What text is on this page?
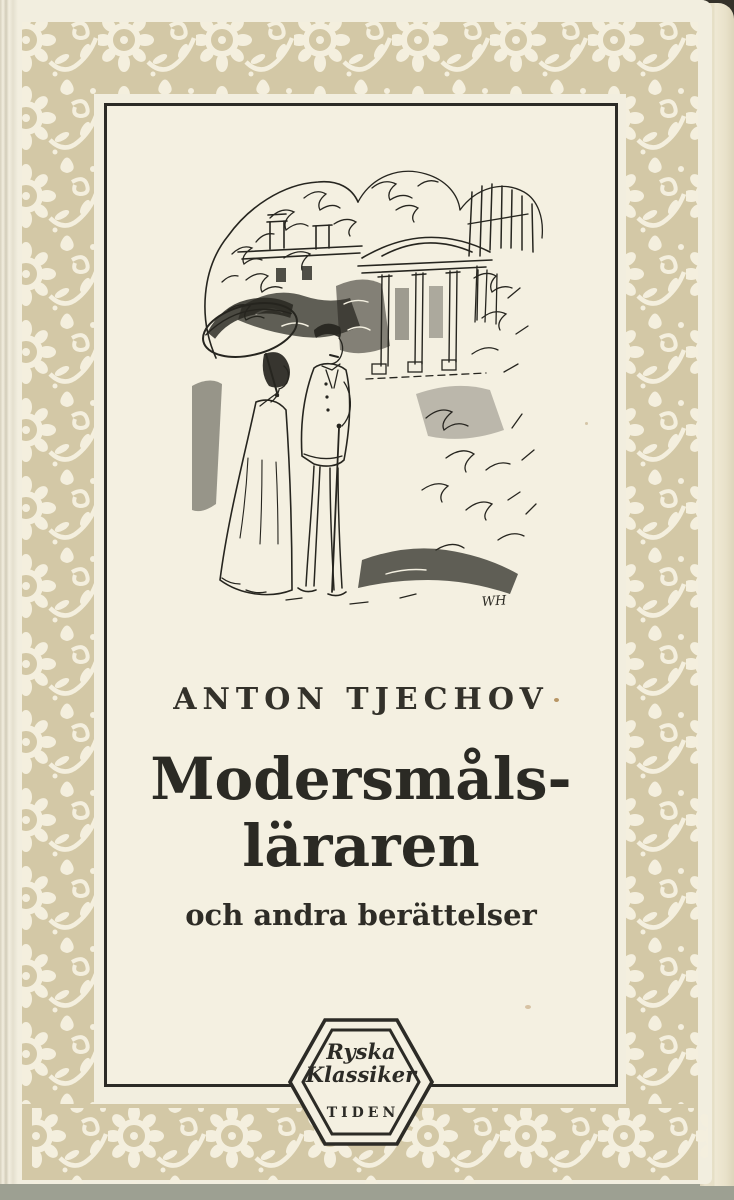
WH
ANTON TJECHOV
Modersmåls-
läraren
och andra berättelser
Ryska
Klassiker
TIDEN
